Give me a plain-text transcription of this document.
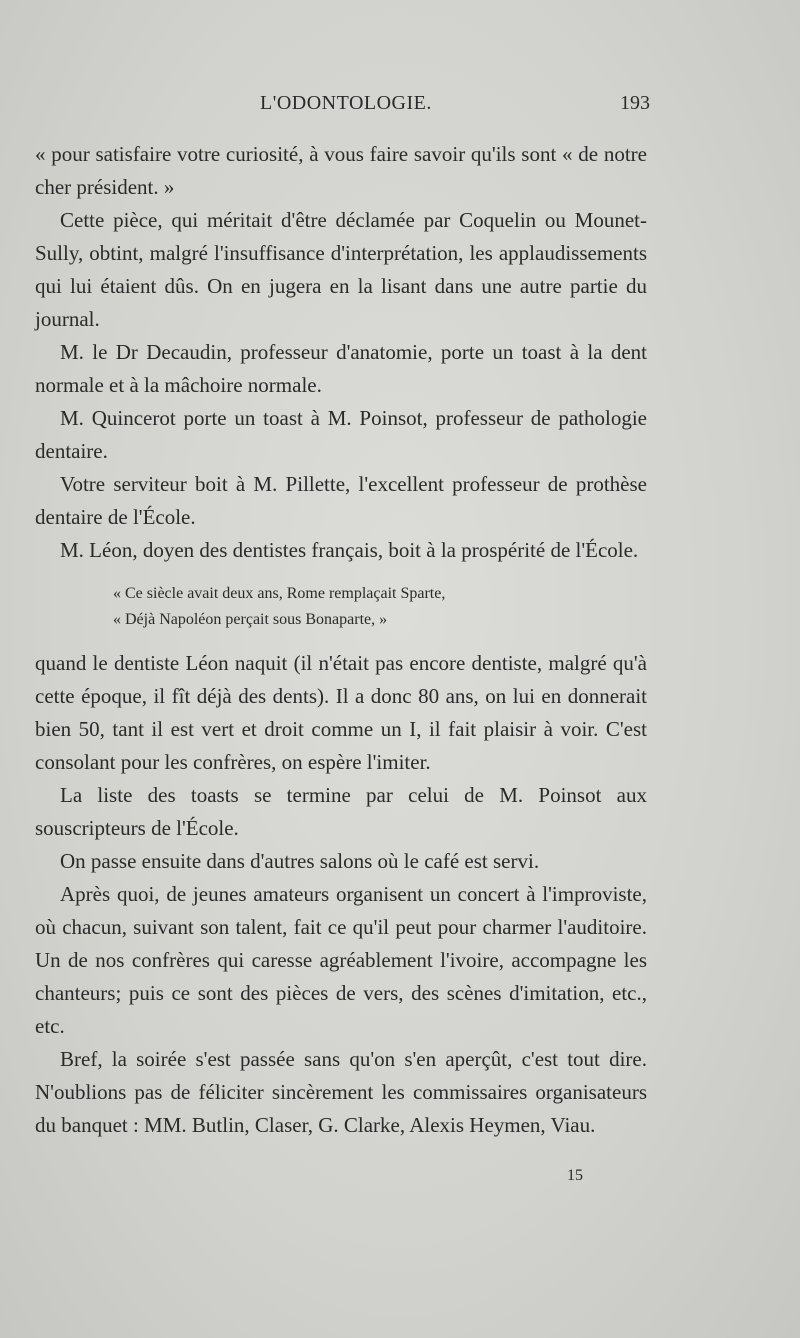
L'ODONTOLOGIE.	193

« pour satisfaire votre curiosité, à vous faire savoir qu'ils sont « de notre cher président. »

Cette pièce, qui méritait d'être déclamée par Coquelin ou Mounet-Sully, obtint, malgré l'insuffisance d'interprétation, les applaudissements qui lui étaient dûs. On en jugera en la lisant dans une autre partie du journal.

M. le Dr Decaudin, professeur d'anatomie, porte un toast à la dent normale et à la mâchoire normale.

M. Quincerot porte un toast à M. Poinsot, professeur de pathologie dentaire.

Votre serviteur boit à M. Pillette, l'excellent professeur de prothèse dentaire de l'École.

M. Léon, doyen des dentistes français, boit à la prospérité de l'École.

« Ce siècle avait deux ans, Rome remplaçait Sparte,
« Déjà Napoléon perçait sous Bonaparte, »

quand le dentiste Léon naquit (il n'était pas encore dentiste, malgré qu'à cette époque, il fît déjà des dents). Il a donc 80 ans, on lui en donnerait bien 50, tant il est vert et droit comme un I, il fait plaisir à voir. C'est consolant pour les confrères, on espère l'imiter.

La liste des toasts se termine par celui de M. Poinsot aux souscripteurs de l'École.

On passe ensuite dans d'autres salons où le café est servi.

Après quoi, de jeunes amateurs organisent un concert à l'improviste, où chacun, suivant son talent, fait ce qu'il peut pour charmer l'auditoire. Un de nos confrères qui caresse agréablement l'ivoire, accompagne les chanteurs; puis ce sont des pièces de vers, des scènes d'imitation, etc., etc.

Bref, la soirée s'est passée sans qu'on s'en aperçût, c'est tout dire. N'oublions pas de féliciter sincèrement les commissaires organisateurs du banquet : MM. Butlin, Claser, G. Clarke, Alexis Heymen, Viau.

15
